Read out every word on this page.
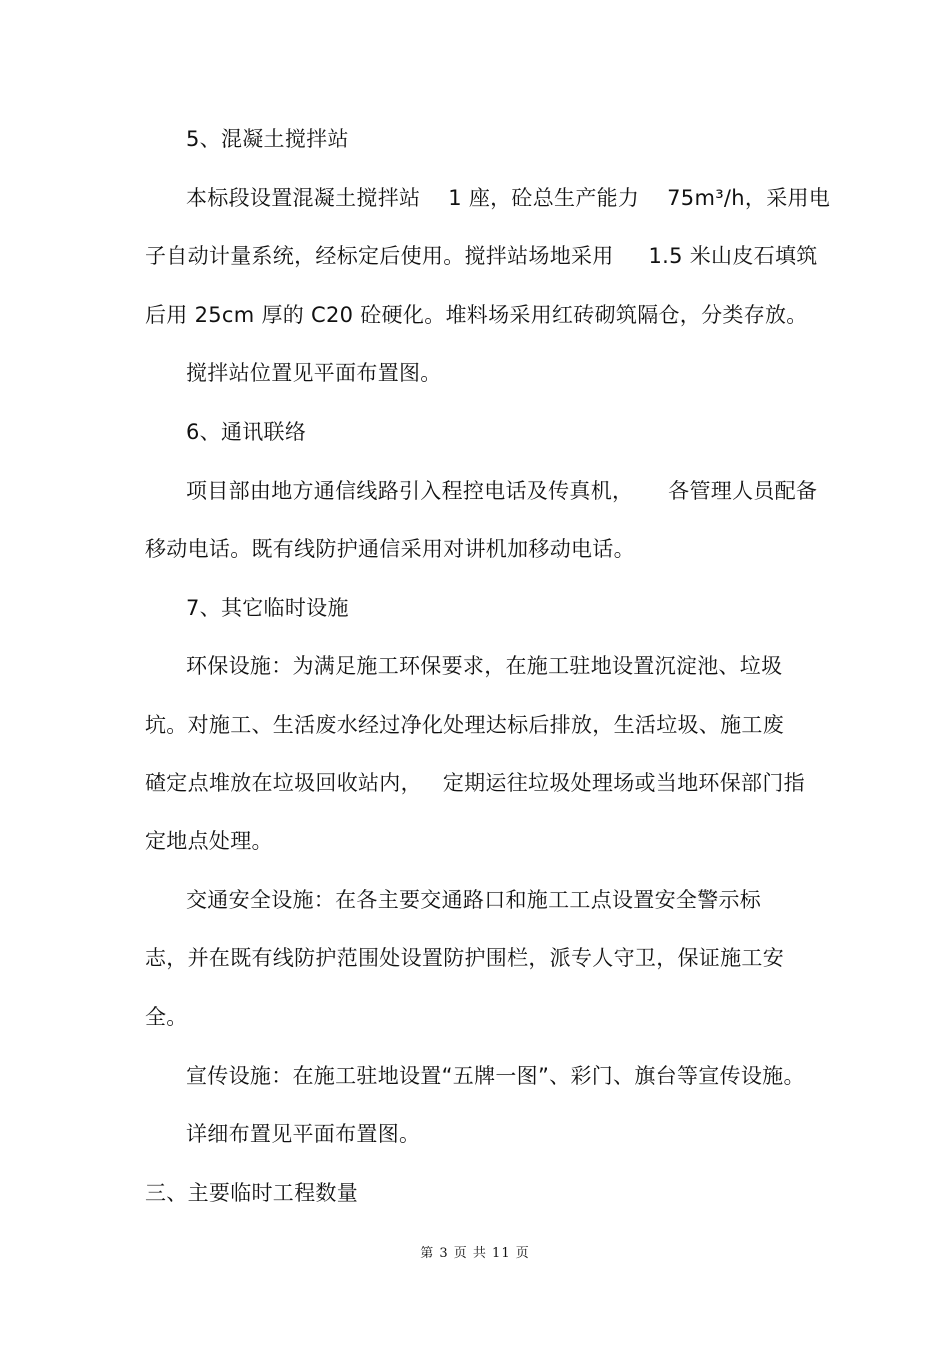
5、混凝土搅拌站
本标段设置混凝土搅拌站    1 座，砼总生产能力    75m³/h，采用电
子自动计量系统，经标定后使用。搅拌站场地采用     1.5 米山皮石填筑
后用 25cm 厚的 C20 砼硬化。堆料场采用红砖砌筑隔仓，分类存放。
搅拌站位置见平面布置图。
6、通讯联络
项目部由地方通信线路引入程控电话及传真机，     各管理人员配备
移动电话。既有线防护通信采用对讲机加移动电话。
7、其它临时设施
环保设施：为满足施工环保要求，在施工驻地设置沉淀池、垃圾
坑。对施工、生活废水经过净化处理达标后排放，生活垃圾、施工废
碴定点堆放在垃圾回收站内，   定期运往垃圾处理场或当地环保部门指
定地点处理。
交通安全设施：在各主要交通路口和施工工点设置安全警示标
志，并在既有线防护范围处设置防护围栏，派专人守卫，保证施工安
全。
宣传设施：在施工驻地设置“五牌一图”、彩门、旗台等宣传设施。
详细布置见平面布置图。
三、主要临时工程数量
第 3 页 共 11 页
